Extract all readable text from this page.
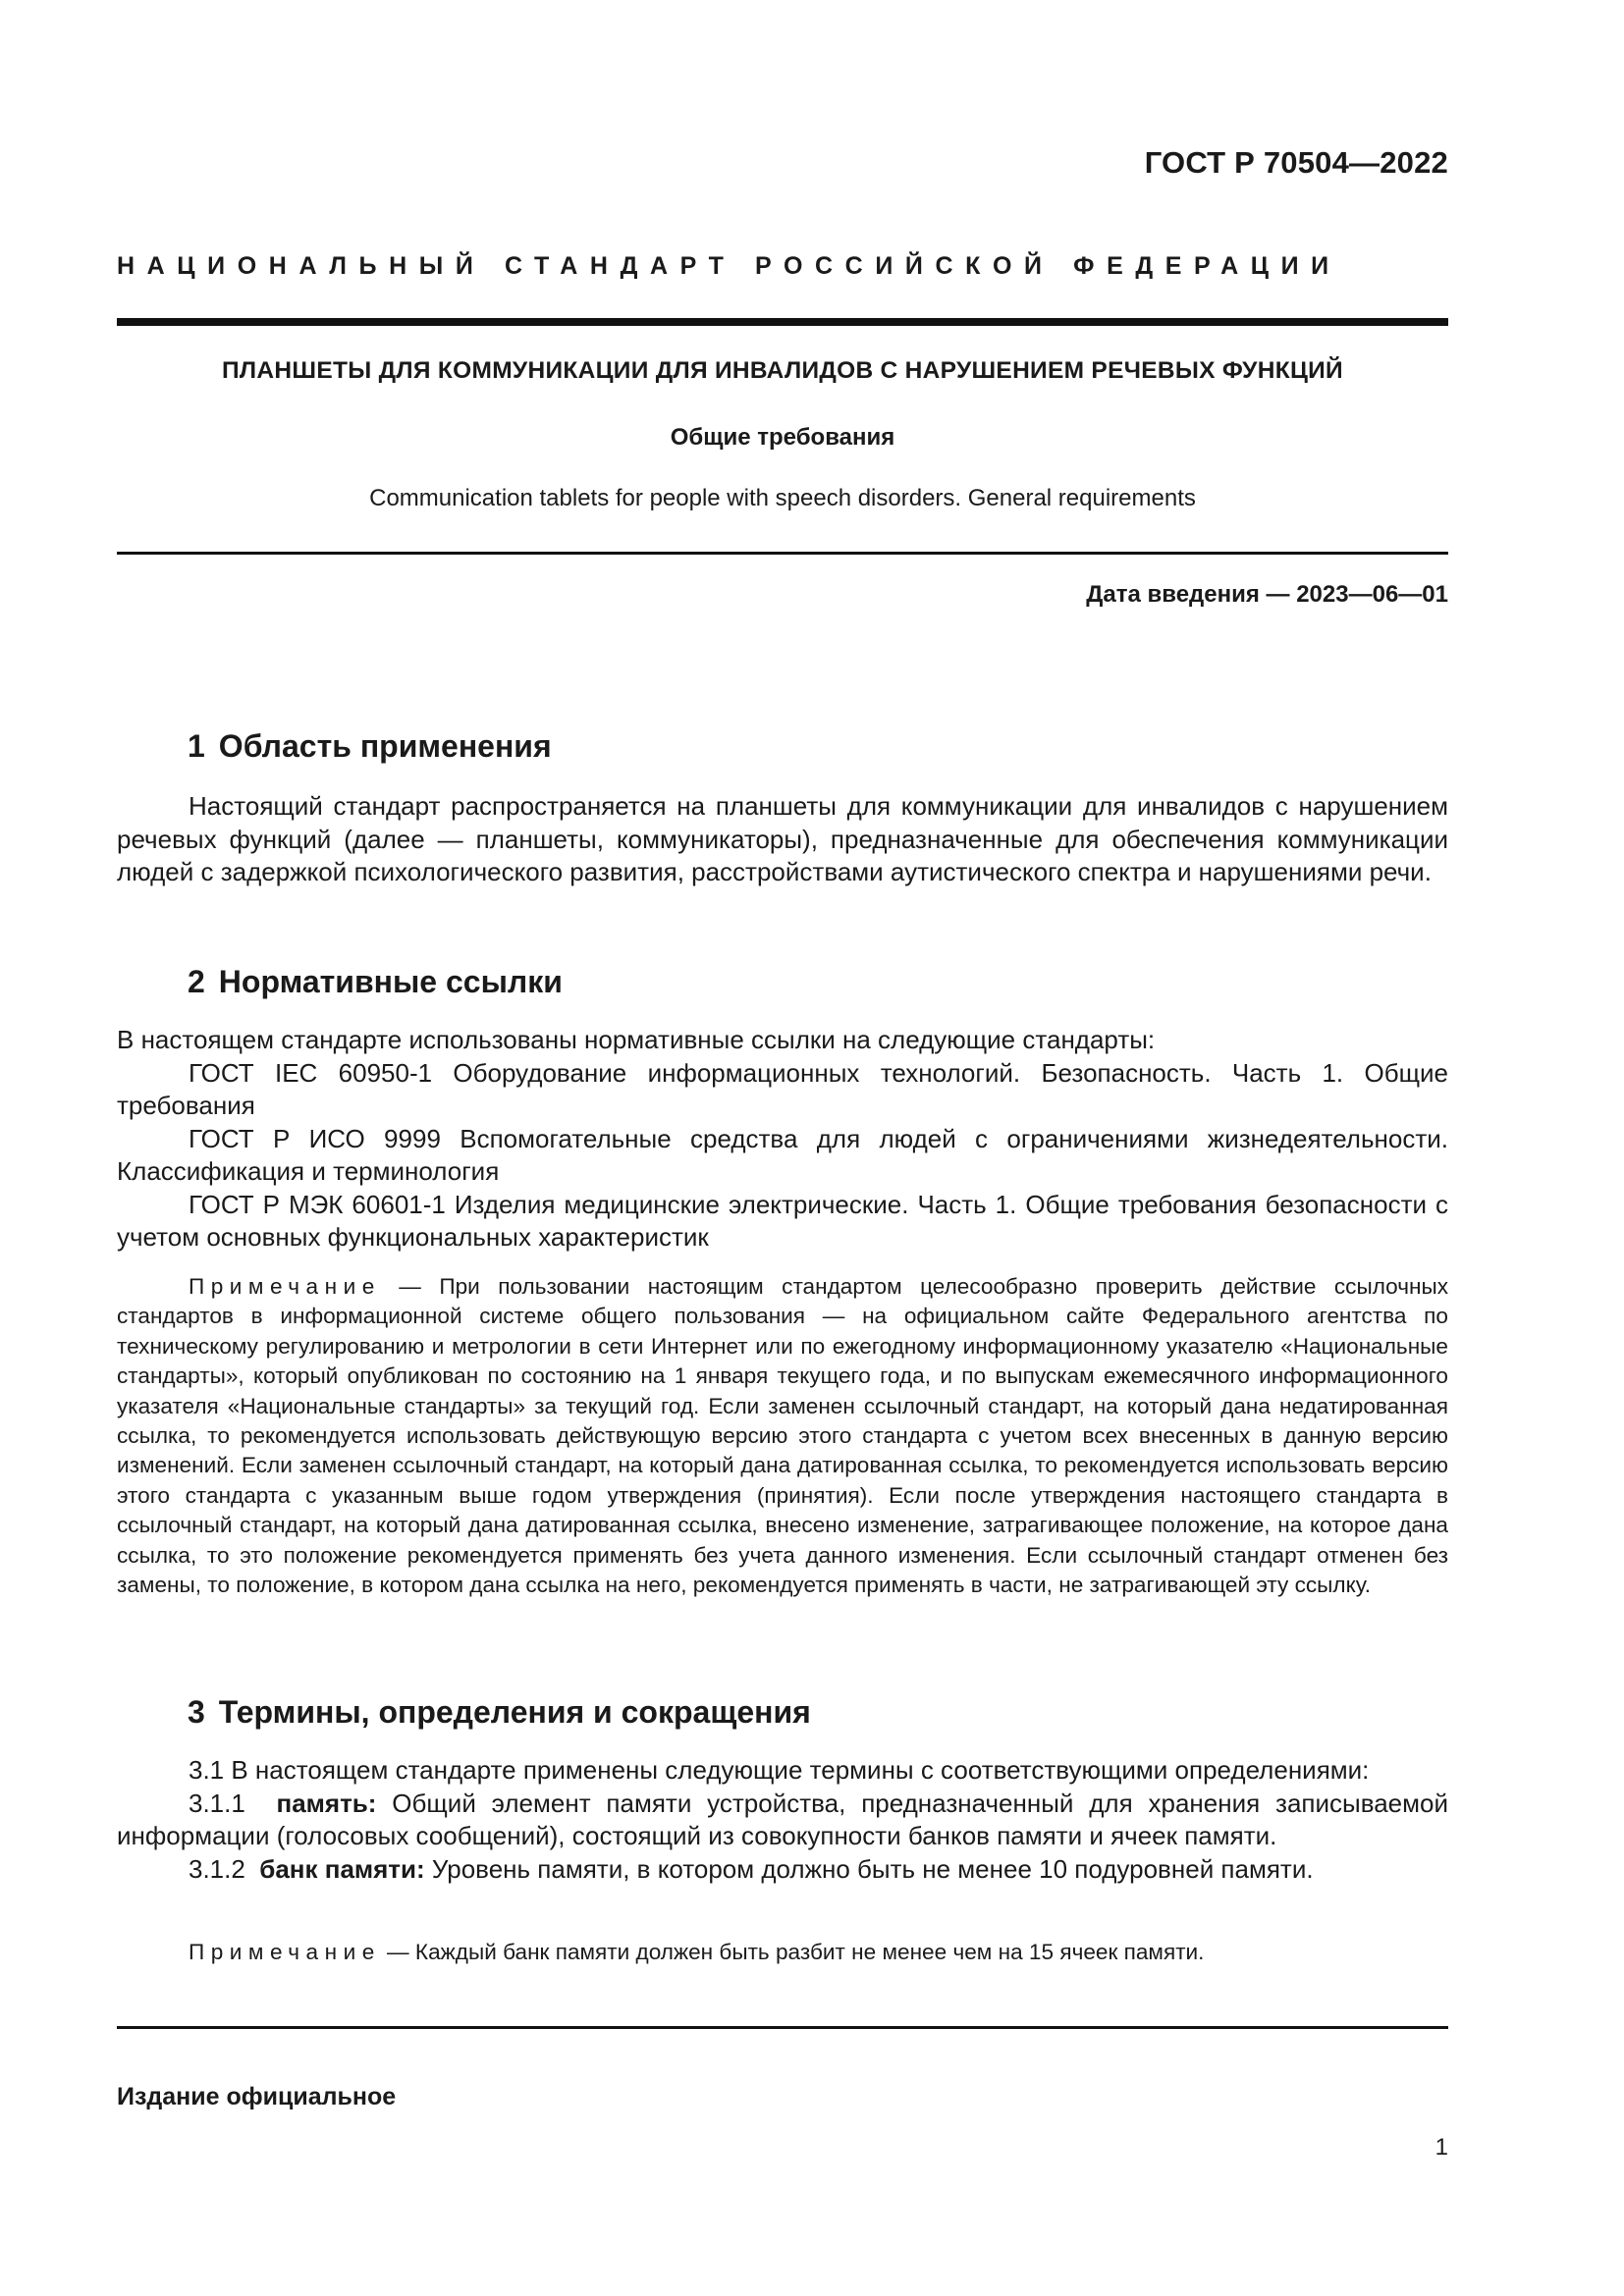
ГОСТ Р 70504—2022
НАЦИОНАЛЬНЫЙ СТАНДАРТ РОССИЙСКОЙ ФЕДЕРАЦИИ
ПЛАНШЕТЫ ДЛЯ КОММУНИКАЦИИ ДЛЯ ИНВАЛИДОВ С НАРУШЕНИЕМ РЕЧЕВЫХ ФУНКЦИЙ
Общие требования
Communication tablets for people with speech disorders. General requirements
Дата введения — 2023—06—01
1 Область применения

Настоящий стандарт распространяется на планшеты для коммуникации для инвалидов с нарушением речевых функций (далее — планшеты, коммуникаторы), предназначенные для обеспечения коммуникации людей с задержкой психологического развития, расстройствами аутистического спектра и нарушениями речи.

2 Нормативные ссылки

В настоящем стандарте использованы нормативные ссылки на следующие стандарты:

ГОСТ IEC 60950-1 Оборудование информационных технологий. Безопасность. Часть 1. Общие требования

ГОСТ Р ИСО 9999 Вспомогательные средства для людей с ограничениями жизнедеятельности. Классификация и терминология

ГОСТ Р МЭК 60601-1 Изделия медицинские электрические. Часть 1. Общие требования безопасности с учетом основных функциональных характеристик

Примечание — При пользовании настоящим стандартом целесообразно проверить действие ссылочных стандартов в информационной системе общего пользования — на официальном сайте Федерального агентства по техническому регулированию и метрологии в сети Интернет или по ежегодному информационному указателю «Национальные стандарты», который опубликован по состоянию на 1 января текущего года, и по выпускам ежемесячного информационного указателя «Национальные стандарты» за текущий год. Если заменен ссылочный стандарт, на который дана недатированная ссылка, то рекомендуется использовать действующую версию этого стандарта с учетом всех внесенных в данную версию изменений. Если заменен ссылочный стандарт, на который дана датированная ссылка, то рекомендуется использовать версию этого стандарта с указанным выше годом утверждения (принятия). Если после утверждения настоящего стандарта в ссылочный стандарт, на который дана датированная ссылка, внесено изменение, затрагивающее положение, на которое дана ссылка, то это положение рекомендуется применять без учета данного изменения. Если ссылочный стандарт отменен без замены, то положение, в котором дана ссылка на него, рекомендуется применять в части, не затрагивающей эту ссылку.

3 Термины, определения и сокращения

3.1 В настоящем стандарте применены следующие термины с соответствующими определениями:

3.1.1 память: Общий элемент памяти устройства, предназначенный для хранения записываемой информации (голосовых сообщений), состоящий из совокупности банков памяти и ячеек памяти.

3.1.2 банк памяти: Уровень памяти, в котором должно быть не менее 10 подуровней памяти.

Примечание — Каждый банк памяти должен быть разбит не менее чем на 15 ячеек памяти.

Издание официальное
1
